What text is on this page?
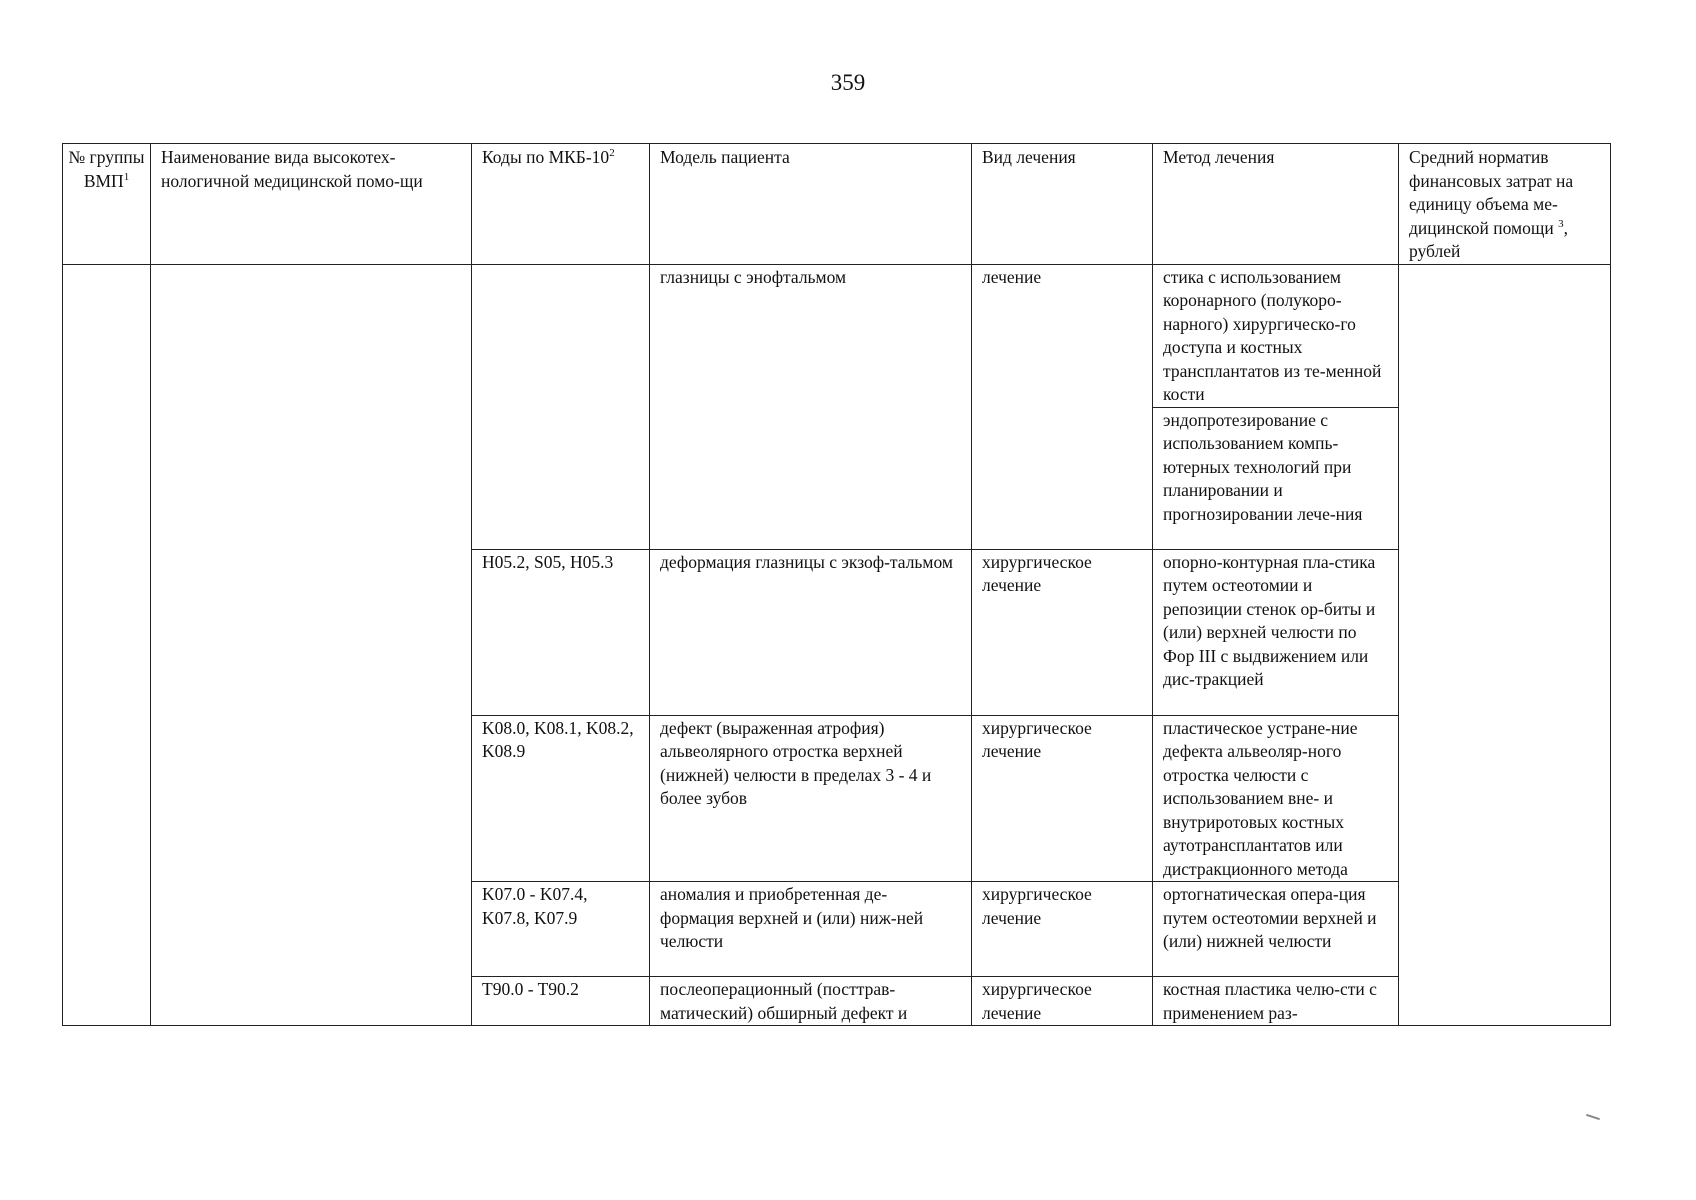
359
№ группы ВМП$^1$	Наименование вида высокотех-нологичной медицинской помо-щи	Коды по МКБ-$10^2$	Модель пациента	Вид лечения	Метод лечения	Средний норматив финансовых затрат на единицу объема ме-дицинской помощи $^3$, рублей
			глазницы с энофтальмом	лечение	стика с использованием коронарного (полукоро-нарного) хирургическо-го доступа и костных трансплантатов из те-менной кости	
					эндопротезирование с использованием компь-ютерных технологий при планировании и прогнозировании лече-ния	
		H05.2, S05, H05.3	деформация глазницы с экзоф-тальмом	хирургическое лечение	опорно-контурная пла-стика путем остеотомии и репозиции стенок ор-биты и (или) верхней челюсти по Фор III с выдвижением или дис-тракцией	
		K08.0, K08.1, K08.2, K08.9	дефект (выраженная атрофия) альвеолярного отростка верхней (нижней) челюсти в пределах 3 - 4 и более зубов	хирургическое лечение	пластическое устране-ние дефекта альвеоляр-ного отростка челюсти с использованием вне- и внутриротовых костных аутотрансплантатов или дистракционного метода	
		K07.0 - K07.4, K07.8, K07.9	аномалия и приобретенная де-формация верхней и (или) ниж-ней челюсти	хирургическое лечение	ортогнатическая опера-ция путем остеотомии верхней и (или) нижней челюсти	
		T90.0 - T90.2	послеоперационный (посттрав-матический) обширный дефект и	хирургическое лечение	костная пластика челю-сти с применением раз-	
